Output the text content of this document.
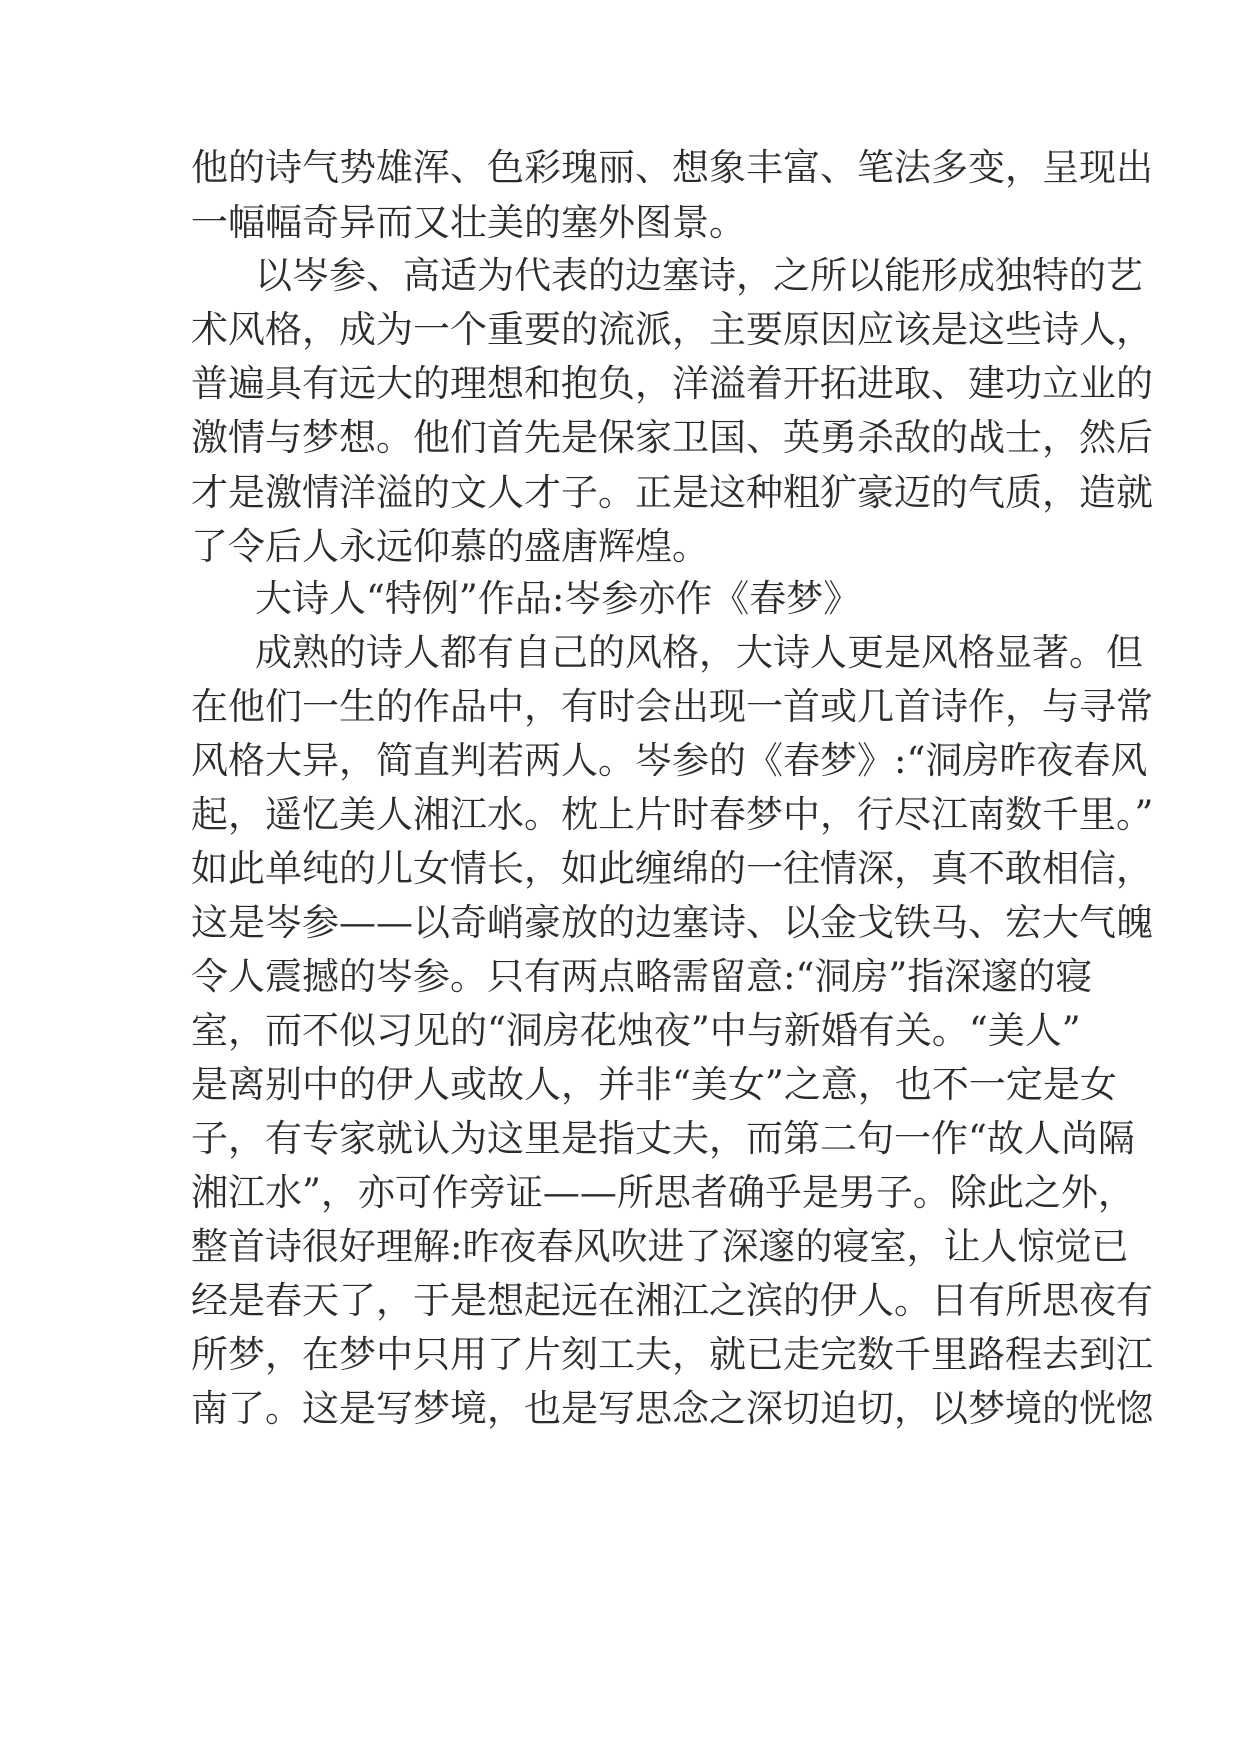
他的诗气势雄浑、色彩瑰丽、想象丰富、笔法多变，呈现出
一幅幅奇异而又壮美的塞外图景。
以岑参、高适为代表的边塞诗，之所以能形成独特的艺
术风格，成为一个重要的流派，主要原因应该是这些诗人，
普遍具有远大的理想和抱负，洋溢着开拓进取、建功立业的
激情与梦想。他们首先是保家卫国、英勇杀敌的战士，然后
才是激情洋溢的文人才子。正是这种粗犷豪迈的气质，造就
了令后人永远仰慕的盛唐辉煌。
大诗人“特例”作品:岑参亦作《春梦》
成熟的诗人都有自己的风格，大诗人更是风格显著。但
在他们一生的作品中，有时会出现一首或几首诗作，与寻常
风格大异，简直判若两人。岑参的《春梦》:“洞房昨夜春风
起，遥忆美人湘江水。枕上片时春梦中，行尽江南数千里。”
如此单纯的儿女情长，如此缠绵的一往情深，真不敢相信，
这是岑参——以奇峭豪放的边塞诗、以金戈铁马、宏大气魄
令人震撼的岑参。只有两点略需留意:“洞房”指深邃的寝
室，而不似习见的“洞房花烛夜”中与新婚有关。“美人”
是离别中的伊人或故人，并非“美女”之意，也不一定是女
子，有专家就认为这里是指丈夫，而第二句一作“故人尚隔
湘江水”，亦可作旁证——所思者确乎是男子。除此之外，
整首诗很好理解:昨夜春风吹进了深邃的寝室，让人惊觉已
经是春天了，于是想起远在湘江之滨的伊人。日有所思夜有
所梦，在梦中只用了片刻工夫，就已走完数千里路程去到江
南了。这是写梦境，也是写思念之深切迫切，以梦境的恍惚
